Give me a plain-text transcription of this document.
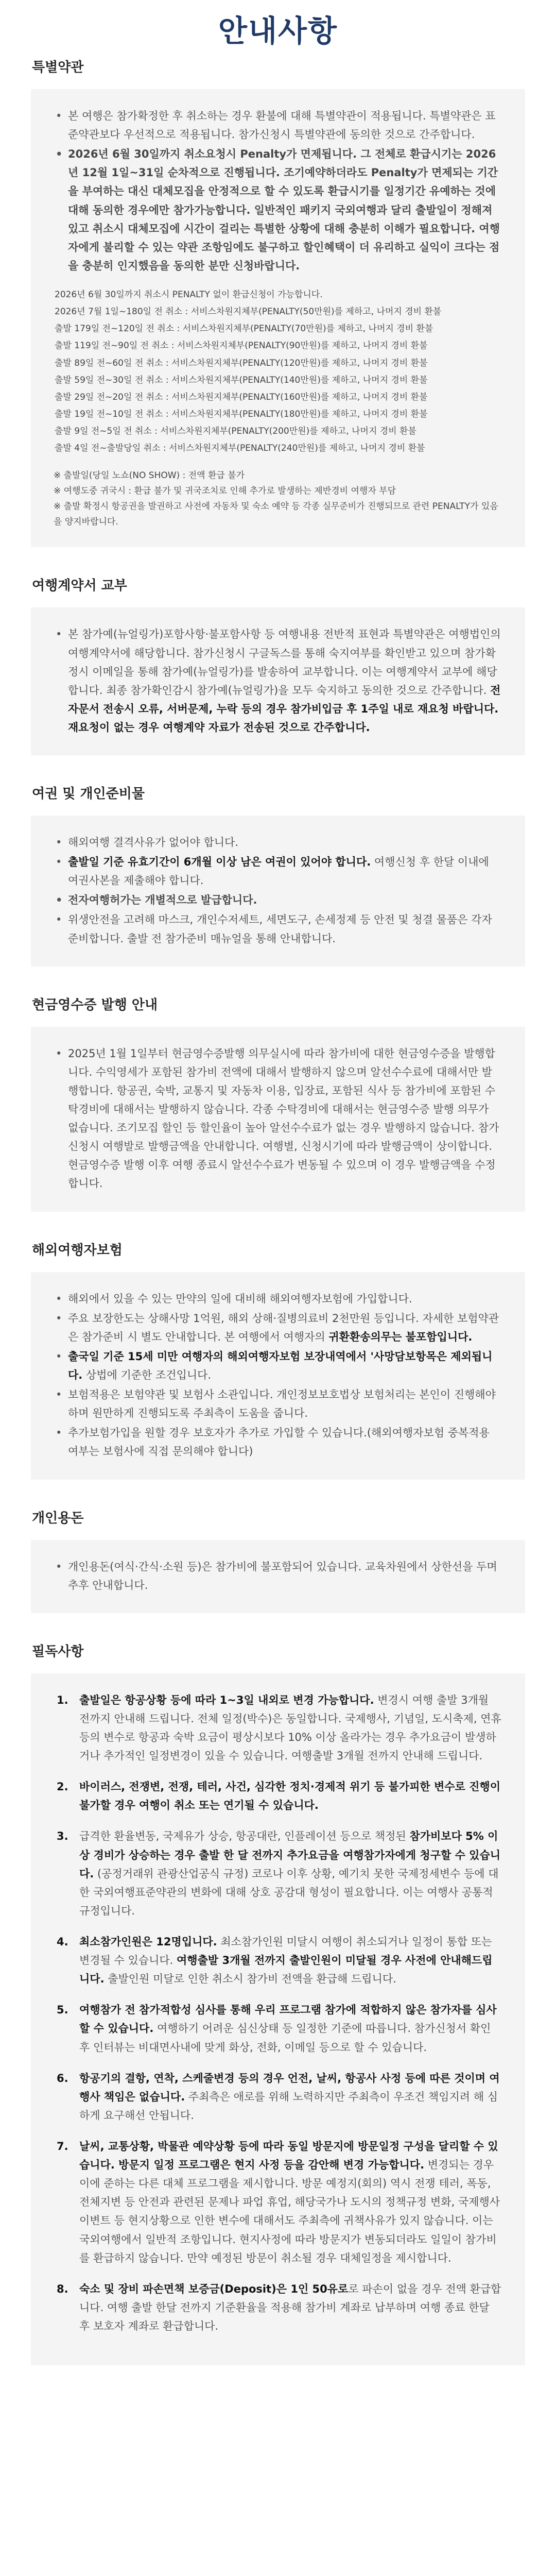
안내사항
특별약관
• 본 여행은 참가확정한 후 취소하는 경우 환불에 대해 특별약관이 적용됩니다. 특별약관은 표준약관보다 우선적으로 적용됩니다. 참가신청시 특별약관에 동의한 것으로 간주합니다.
• 2026년 6월 30일까지 취소요청시 Penalty가 면제됩니다. 그 전체로 환급시기는 2026년 12월 1일~31일 순차적으로 진행됩니다. 조기예약하더라도 Penalty가 면제되는 기간을 부여하는 대신 대체모집을 안정적으로 할 수 있도록 환급시기를 일정기간 유예하는 것에 대해 동의한 경우에만 참가가능합니다. 일반적인 패키지 국외여행과 달리 출발일이 정해져 있고 취소시 대체모집에 시간이 걸리는 특별한 상황에 대해 충분히 이해가 필요합니다. 여행자에게 불리할 수 있는 약관 조항임에도 불구하고 할인혜택이 더 유리하고 실익이 크다는 점을 충분히 인지했음을 동의한 분만 신청바랍니다.

2026년 6월 30일까지 취소시 PENALTY 없이 환급신청이 가능합니다.

2026년 7월 1일~180일 전 취소 : 서비스차원지체부(PENALTY(50만원)를 제하고, 나머지 경비 환불

출발 179일 전~120일 전 취소 : 서비스차원지체부(PENALTY(70만원)를 제하고, 나머지 경비 환불

출발 119일 전~90일 전 취소 : 서비스차원지체부(PENALTY(90만원)를 제하고, 나머지 경비 환불

출발 89일 전~60일 전 취소 : 서비스차원지체부(PENALTY(120만원)를 제하고, 나머지 경비 환불

출발 59일 전~30일 전 취소 : 서비스차원지체부(PENALTY(140만원)를 제하고, 나머지 경비 환불

출발 29일 전~20일 전 취소 : 서비스차원지체부(PENALTY(160만원)를 제하고, 나머지 경비 환불

출발 19일 전~10일 전 취소 : 서비스차원지체부(PENALTY(180만원)를 제하고, 나머지 경비 환불

출발 9일 전~5일 전 취소 : 서비스차원지체부(PENALTY(200만원)를 제하고, 나머지 경비 환불

출발 4일 전~출발당일 취소 : 서비스차원지체부(PENALTY(240만원)를 제하고, 나머지 경비 환불

※ 출발일(당일 노쇼(NO SHOW) : 전액 환급 불가

※ 여행도중 귀국시 : 환급 불가 및 귀국조치로 인해 추가로 발생하는 제반경비 여행자 부담

※ 출발 확정시 항공권을 발권하고 사전에 자동차 및 숙소 예약 등 각종 실무준비가 진행되므로 관련 PENALTY가 있음을 양지바랍니다.

여행계약서 교부
• 본 참가예(뉴얼링가)포함사항·불포함사항 등 여행내용 전반적 표현과 특별약관은 여행법인의 여행계약서에 해당합니다. 참가신청시 구글독스를 통해 숙지여부를 확인받고 있으며 참가확정시 이메일을 통해 참가예(뉴얼링가)를 발송하여 교부합니다. 이는 여행계약서 교부에 해당합니다. 최종 참가확인감시 참가예(뉴얼링가)을 모두 숙지하고 동의한 것으로 간주합니다. 전자문서 전송시 오류, 서버문제, 누락 등의 경우 참가비입금 후 1주일 내로 재요청 바랍니다. 재요청이 없는 경우 여행계약 자료가 전송된 것으로 간주합니다.
여권 및 개인준비물
• 해외여행 결격사유가 없어야 합니다.
• 출발일 기준 유효기간이 6개월 이상 남은 여권이 있어야 합니다. 여행신청 후 한달 이내에 여권사본을 제출해야 합니다.
• 전자여행허가는 개별적으로 발급합니다.
• 위생안전을 고려해 마스크, 개인수저세트, 세면도구, 손세정제 등 안전 및 청결 물품은 각자 준비합니다. 출발 전 참가준비 매뉴얼을 통해 안내합니다.
현금영수증 발행 안내
• 2025년 1월 1일부터 현금영수증발행 의무실시에 따라 참가비에 대한 현금영수증을 발행합니다. 수익영세가 포함된 참가비 전액에 대해서 발행하지 않으며 알선수수료에 대해서만 발행합니다. 항공권, 숙박, 교통지 및 자동차 이용, 입장료, 포함된 식사 등 참가비에 포함된 수탁경비에 대해서는 발행하지 않습니다. 각종 수탁경비에 대해서는 현금영수증 발행 의무가 없습니다. 조기모집 할인 등 할인율이 높아 알선수수료가 없는 경우 발행하지 않습니다. 참가신청시 여행발로 발행금액을 안내합니다. 여행별, 신청시기에 따라 발행금액이 상이합니다. 현금영수증 발행 이후 여행 종료시 알선수수료가 변동될 수 있으며 이 경우 발행금액을 수정합니다.
해외여행자보험
• 해외에서 있을 수 있는 만약의 일에 대비해 해외여행자보험에 가입합니다.
• 주요 보장한도는 상해사망 1억원, 해외 상해·질병의료비 2천만원 등입니다. 자세한 보험약관은 참가준비 시 별도 안내합니다. 본 여행에서 여행자의 귀환환송의무는 불포함입니다.
• 출국일 기준 15세 미만 여행자의 해외여행자보험 보장내역에서 '사망담보항목은 제외됩니다. 상법에 기준한 조건입니다.
• 보험적용은 보험약관 및 보험사 소관입니다. 개인정보보호법상 보험처리는 본인이 진행해야 하며 원만하게 진행되도록 주최측이 도움을 줍니다.
• 추가보험가입을 원할 경우 보호자가 추가로 가입할 수 있습니다.(해외여행자보험 중복적용 여부는 보험사에 직접 문의해야 합니다)
개인용돈
• 개인용돈(여식·간식·소원 등)은 참가비에 불포함되어 있습니다. 교육차원에서 상한선을 두며 추후 안내합니다.
필독사항
1. 출발일은 항공상황 등에 따라 1~3일 내외로 변경 가능합니다. 변경시 여행 출발 3개월 전까지 안내해 드립니다. 전체 일정(박수)은 동일합니다. 국제행사, 기념일, 도시축제, 연휴 등의 변수로 항공과 숙박 요금이 평상시보다 10% 이상 올라가는 경우 추가요금이 발생하거나 추가적인 일정변경이 있을 수 있습니다. 여행출발 3개월 전까지 안내해 드립니다.
2. 바이러스, 전쟁변, 전쟁, 테러, 사건, 심각한 정치·경제적 위기 등 불가피한 변수로 진행이 불가할 경우 여행이 취소 또는 연기될 수 있습니다.
3. 급격한 환율변동, 국제유가 상승, 항공대란, 인플레이션 등으로 책정된 참가비보다 5% 이상 경비가 상승하는 경우 출발 한 달 전까지 추가요금을 여행참가자에게 청구할 수 있습니다. (공정거래위 관광산업공식 규정) 코로나 이후 상황, 예기치 못한 국제정세변수 등에 대한 국외여행표준약관의 변화에 대해 상호 공감대 형성이 필요합니다. 이는 여행사 공통적 규정입니다.
4. 최소참가인원은 12명입니다. 최소참가인원 미달시 여행이 취소되거나 일정이 통합 또는 변경될 수 있습니다. 여행출발 3개월 전까지 출발인원이 미달될 경우 사전에 안내해드립니다. 출발인원 미달로 인한 취소시 참가비 전액을 환급해 드립니다.
5. 여행참가 전 참가적합성 심사를 통해 우리 프로그램 참가에 적합하지 않은 참가자를 심사할 수 있습니다. 여행하기 어려운 심신상태 등 일정한 기준에 따릅니다. 참가신청서 확인 후 인터뷰는 비대면사내에 맞게 화상, 전화, 이메일 등으로 할 수 있습니다.
6. 항공기의 결항, 연착, 스케줄변경 등의 경우 언전, 날씨, 항공사 사정 등에 따른 것이며 여행사 책임은 없습니다. 주최측은 애로를 위해 노력하지만 주최측이 우조건 책임지려 해 심하게 요구해선 안됩니다.
7. 날씨, 교통상황, 박물관 예약상황 등에 따라 동일 방문지에 방문일정 구성을 달리할 수 있습니다. 방문지 일정 프로그램은 현지 사정 등을 감안해 변경 가능합니다. 변경되는 경우 이에 준하는 다른 대체 프로그램을 제시합니다. 방문 예정지(회의) 역시 전쟁 테러, 폭동, 전체지변 등 안전과 관련된 문제나 파업 휴업, 해당국가나 도시의 정책규정 변화, 국제행사 이변트 등 현지상황으로 인한 변수에 대해서도 주최측에 귀책사유가 있지 않습니다. 이는 국외여행에서 일반적 조항입니다. 현지사정에 따라 방문지가 변동되더라도 일일이 참가비를 환급하지 않습니다. 만약 예정된 방문이 취소될 경우 대체일정을 제시합니다.
8. 숙소 및 장비 파손면책 보증금(Deposit)은 1인 50유로로 파손이 없을 경우 전액 환급합니다. 여행 출발 한달 전까지 기준환율을 적용해 참가비 계좌로 납부하며 여행 종료 한달 후 보호자 계좌로 환급합니다.
